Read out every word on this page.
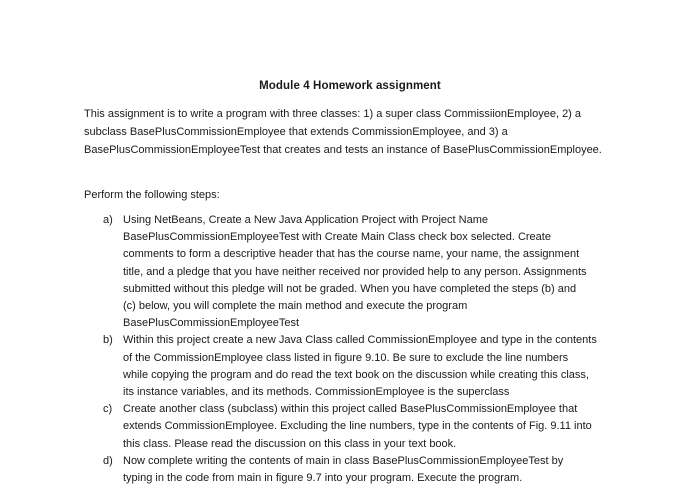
Module 4 Homework assignment
This assignment is to write a program with three classes: 1) a super class CommissiionEmployee, 2) a
subclass BasePlusCommissionEmployee that extends CommissionEmployee, and 3) a
BasePlusCommissionEmployeeTest that creates and tests an instance of BasePlusCommissionEmployee.
Perform the following steps:
a) Using NetBeans, Create a New Java Application Project with Project Name
BasePlusCommissionEmployeeTest with Create Main Class check box selected. Create
comments to form a descriptive header that has the course name, your name, the assignment
title, and a pledge that you have neither received nor provided help to any person. Assignments
submitted without this pledge will not be graded. When you have completed the steps (b) and
(c) below, you will complete the main method and execute the program
BasePlusCommissionEmployeeTest
b) Within this project create a new Java Class called CommissionEmployee and type in the contents
of the CommissionEmployee class listed in figure 9.10. Be sure to exclude the line numbers
while copying the program and do read the text book on the discussion while creating this class,
its instance variables, and its methods. CommissionEmployee is the superclass
c) Create another class (subclass) within this project called BasePlusCommissionEmployee that
extends CommissionEmployee. Excluding the line numbers, type in the contents of Fig. 9.11 into
this class. Please read the discussion on this class in your text book.
d) Now complete writing the contents of main in class BasePlusCommissionEmployeeTest by
typing in the code from main in figure 9.7 into your program. Execute the program.
